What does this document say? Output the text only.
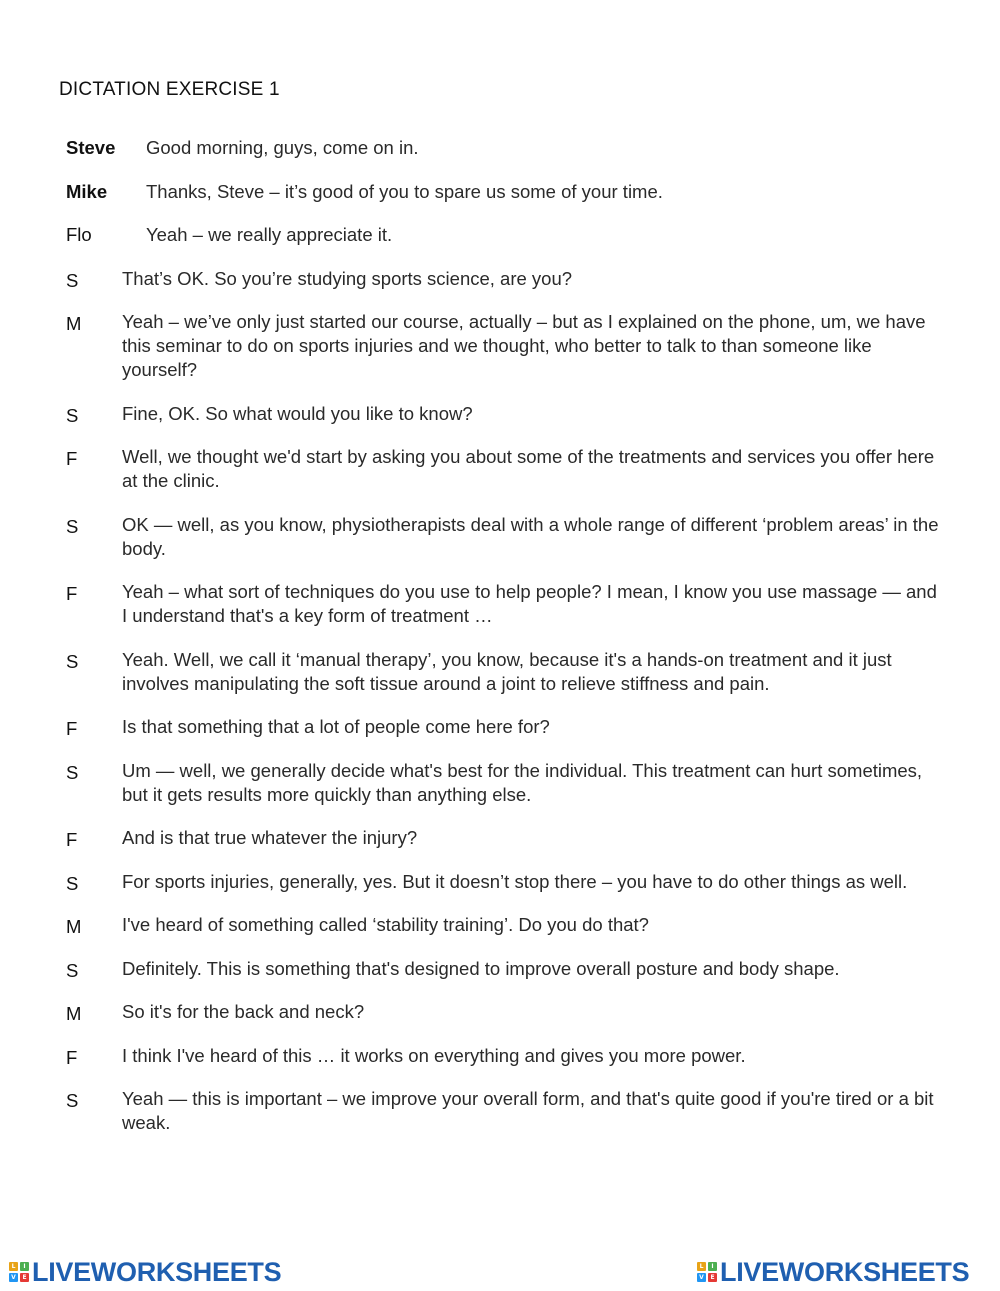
DICTATION EXERCISE 1
Steve	Good morning, guys, come on in.
Mike	Thanks, Steve – it’s good of you to spare us some of your time.
Flo	Yeah – we really appreciate it.
S	That’s OK. So you’re studying sports science, are you?
M	Yeah – we’ve only just started our course, actually – but as I explained on the phone, um, we have this seminar to do on sports injuries and we thought, who better to talk to than someone like yourself?
S	Fine, OK. So what would you like to know?
F	Well, we thought we'd start by asking you about some of the treatments and services you offer here at the clinic.
S	OK — well, as you know, physiotherapists deal with a whole range of different ‘problem areas’ in the body.
F	Yeah – what sort of techniques do you use to help people? I mean, I know you use massage — and I understand that's a key form of treatment …
S	Yeah. Well, we call it ‘manual therapy’, you know, because it's a hands-on treatment and it just involves manipulating the soft tissue around a joint to relieve stiffness and pain.
F	Is that something that a lot of people come here for?
S	Um — well, we generally decide what's best for the individual. This treatment can hurt sometimes, but it gets results more quickly than anything else.
F	And is that true whatever the injury?
S	For sports injuries, generally, yes. But it doesn’t stop there – you have to do other things as well.
M	I've heard of something called ‘stability training’. Do you do that?
S	Definitely. This is something that's designed to improve overall posture and body shape.
M	So it's for the back and neck?
F	I think I've heard of this … it works on everything and gives you more power.
S	Yeah — this is important – we improve your overall form, and that's quite good if you're tired or a bit weak.
L	I
V	E LIVEWORKSHEETS	L	I
V	E LIVEWORKSHEETS
